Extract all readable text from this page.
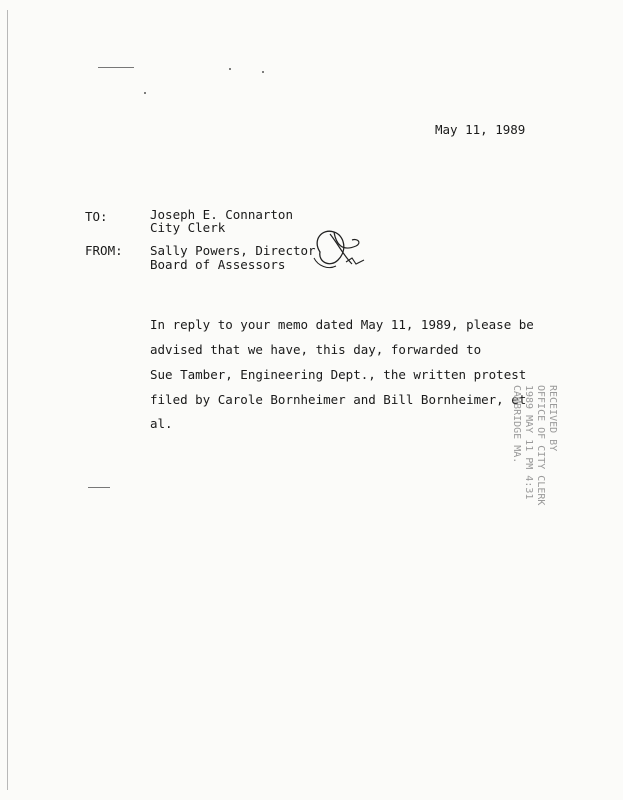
May 11, 1989
TO:	Joseph E. Connarton
City Clerk
FROM: Sally Powers, Director
Board of Assessors
In reply to your memo dated May 11, 1989, please be
advised that we have, this day, forwarded to
Sue Tamber, Engineering Dept., the written protest
filed by Carole Bornheimer and Bill Bornheimer, et
al.	RECEIVED BY
OFFICE OF CITY CLERK
1989 MAY 11 PM 4:31
CAMBRIDGE MA.
